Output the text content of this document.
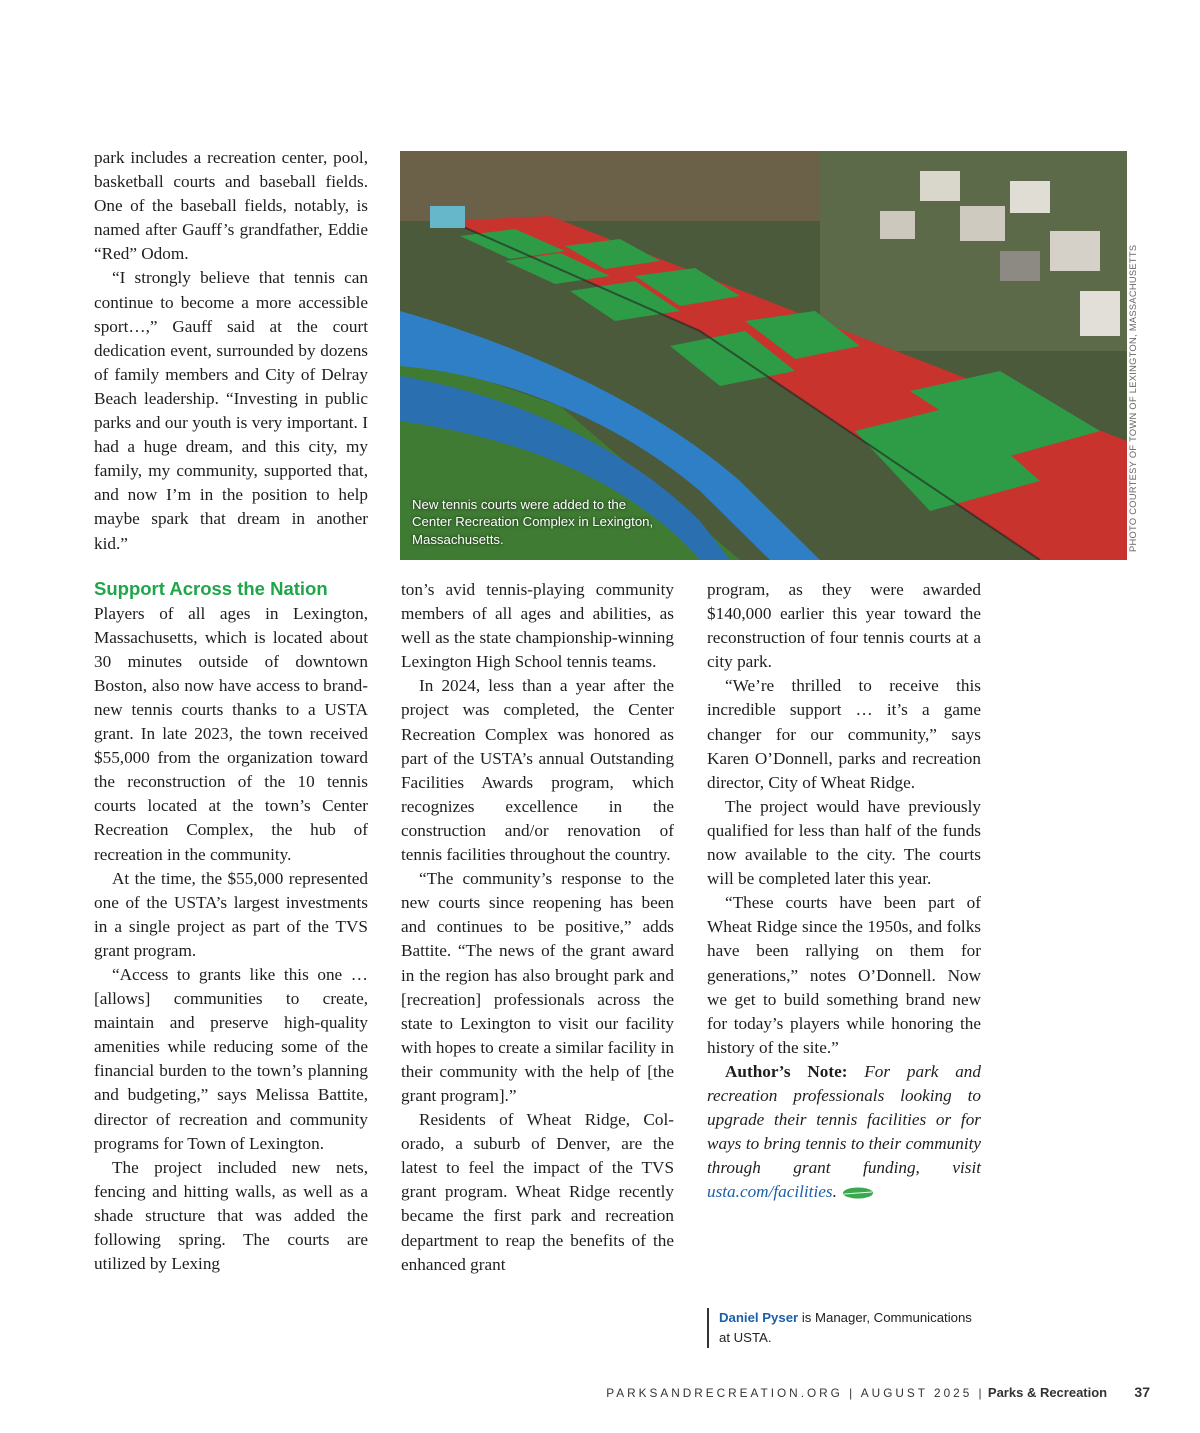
park includes a recreation center, pool, basketball courts and baseball fields. One of the baseball fields, notably, is named after Gauff’s grandfather, Eddie “Red” Odom.

“I strongly believe that tennis can continue to become a more accessible sport…,” Gauff said at the court dedication event, surrounded by dozens of family members and City of Delray Beach leadership. “Investing in public parks and our youth is very important. I had a huge dream, and this city, my family, my community, supported that, and now I’m in the position to help maybe spark that dream in another kid.”

Support Across the Nation

Players of all ages in Lexington, Massachusetts, which is located about 30 minutes outside of downtown Boston, also now have access to brand-new tennis courts thanks to a USTA grant. In late 2023, the town received $55,000 from the organization toward the reconstruction of the 10 tennis courts located at the town’s Center Recreation Complex, the hub of recreation in the community.

At the time, the $55,000 represented one of the USTA’s largest investments in a single project as part of the TVS grant program.

“Access to grants like this one … [allows] communities to create, maintain and preserve high-quality amenities while reducing some of the financial burden to the town’s planning and budgeting,” says Melissa Battite, director of recreation and community programs for Town of Lexington.

The project included new nets, fencing and hitting walls, as well as a shade structure that was added the following spring. The courts are utilized by Lexing

New tennis courts were added to the Center Recreation Complex in Lexington, Massachusetts.	PHOTO COURTESY OF TOWN OF LEXINGTON, MASSACHUSETTS

ton’s avid tennis-playing community members of all ages and abilities, as well as the state championship-winning Lexington High School tennis teams.

In 2024, less than a year after the project was completed, the Center Recreation Complex was honored as part of the USTA’s annual Outstanding Facilities Awards program, which recognizes excellence in the construction and/or renovation of tennis facilities throughout the country.

“The community’s response to the new courts since reopening has been and continues to be positive,” adds Battite. “The news of the grant award in the region has also brought park and [recreation] professionals across the state to Lexington to visit our facility with hopes to create a similar facility in their community with the help of [the grant program].”

Residents of Wheat Ridge, Colorado, a suburb of Denver, are the latest to feel the impact of the TVS grant program. Wheat Ridge recently became the first park and recreation department to reap the benefits of the enhanced grant

program, as they were awarded $140,000 earlier this year toward the reconstruction of four tennis courts at a city park.

“We’re thrilled to receive this incredible support … it’s a game changer for our community,” says Karen O’Donnell, parks and recreation director, City of Wheat Ridge.

The project would have previously qualified for less than half of the funds now available to the city. The courts will be completed later this year.

“These courts have been part of Wheat Ridge since the 1950s, and folks have been rallying on them for generations,” notes O’Donnell. Now we get to build something brand new for today’s players while honoring the history of the site.”

Author’s Note: For park and recreation professionals looking to upgrade their tennis facilities or for ways to bring tennis to their community through grant funding, visit usta.com/facilities.

Daniel Pyser is Manager, Communications at USTA.
PARKSANDRECREATION.ORG | AUGUST 2025 | Parks & Recreation 37
